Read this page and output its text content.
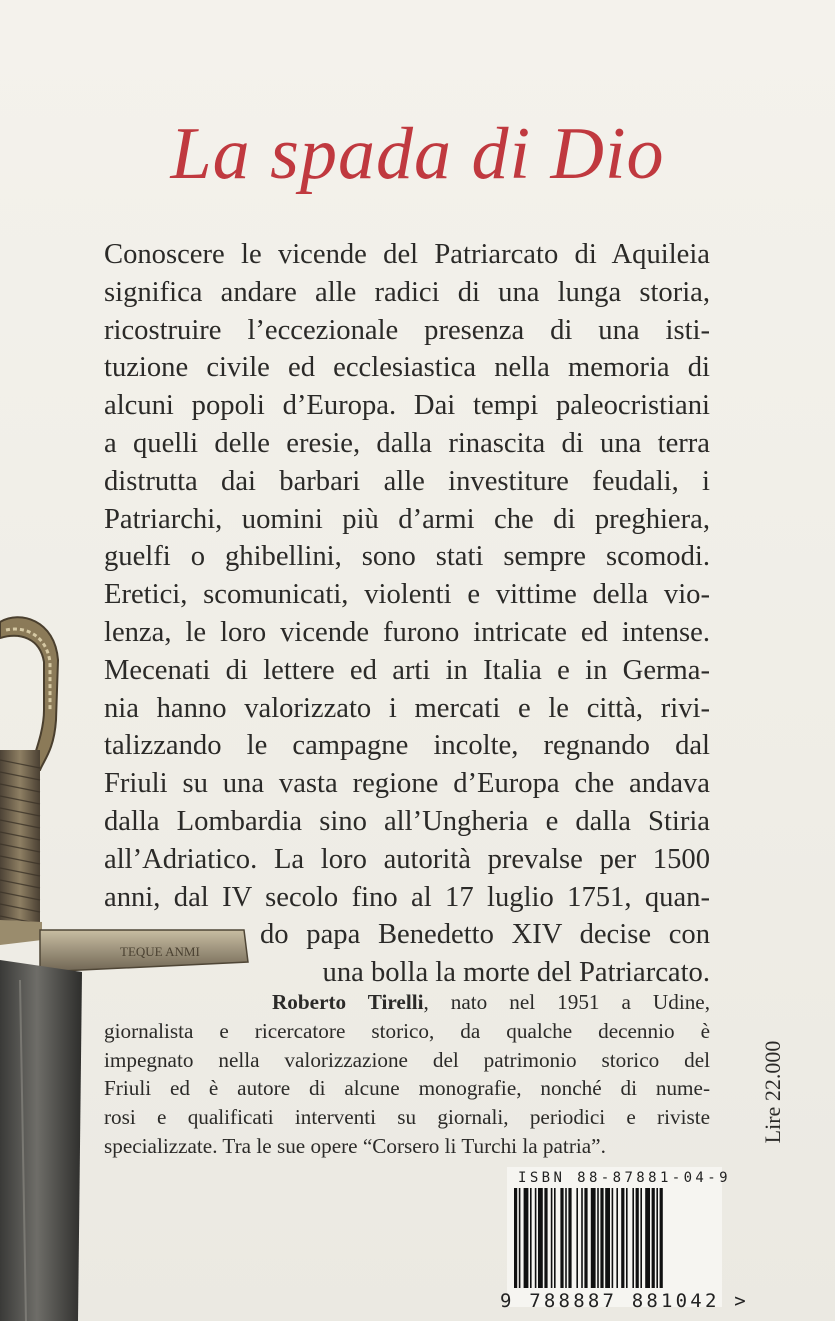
TEQUE ANMI
La spada di Dio
Conoscere le vicende del Patriarcato di Aquileia
significa andare alle radici di una lunga storia,
ricostruire l’eccezionale presenza di una isti-
tuzione civile ed ecclesiastica nella memoria di
alcuni popoli d’Europa. Dai tempi paleocristiani
a quelli delle eresie, dalla rinascita di una terra
distrutta dai barbari alle investiture feudali, i
Patriarchi, uomini più d’armi che di preghiera,
guelfi o ghibellini, sono stati sempre scomodi.
Eretici, scomunicati, violenti e vittime della vio-
lenza, le loro vicende furono intricate ed intense.
Mecenati di lettere ed arti in Italia e in Germa-
nia hanno valorizzato i mercati e le città, rivi-
talizzando le campagne incolte, regnando dal
Friuli su una vasta regione d’Europa che andava
dalla Lombardia sino all’Ungheria e dalla Stiria
all’Adriatico. La loro autorità prevalse per 1500
anni, dal IV secolo fino al 17 luglio 1751, quan-
do papa Benedetto XIV decise con
una bolla la morte del Patriarcato.
Roberto Tirelli, nato nel 1951 a Udine,
giornalista e ricercatore storico, da qualche decennio è
impegnato nella valorizzazione del patrimonio storico del
Friuli ed è autore di alcune monografie, nonché di nume-
rosi e qualificati interventi su giornali, periodici e riviste
specializzate. Tra le sue opere “Corsero li Turchi la patria”.
Lire 22.000
ISBN 88-87881-04-9
9 788887 881042 >
